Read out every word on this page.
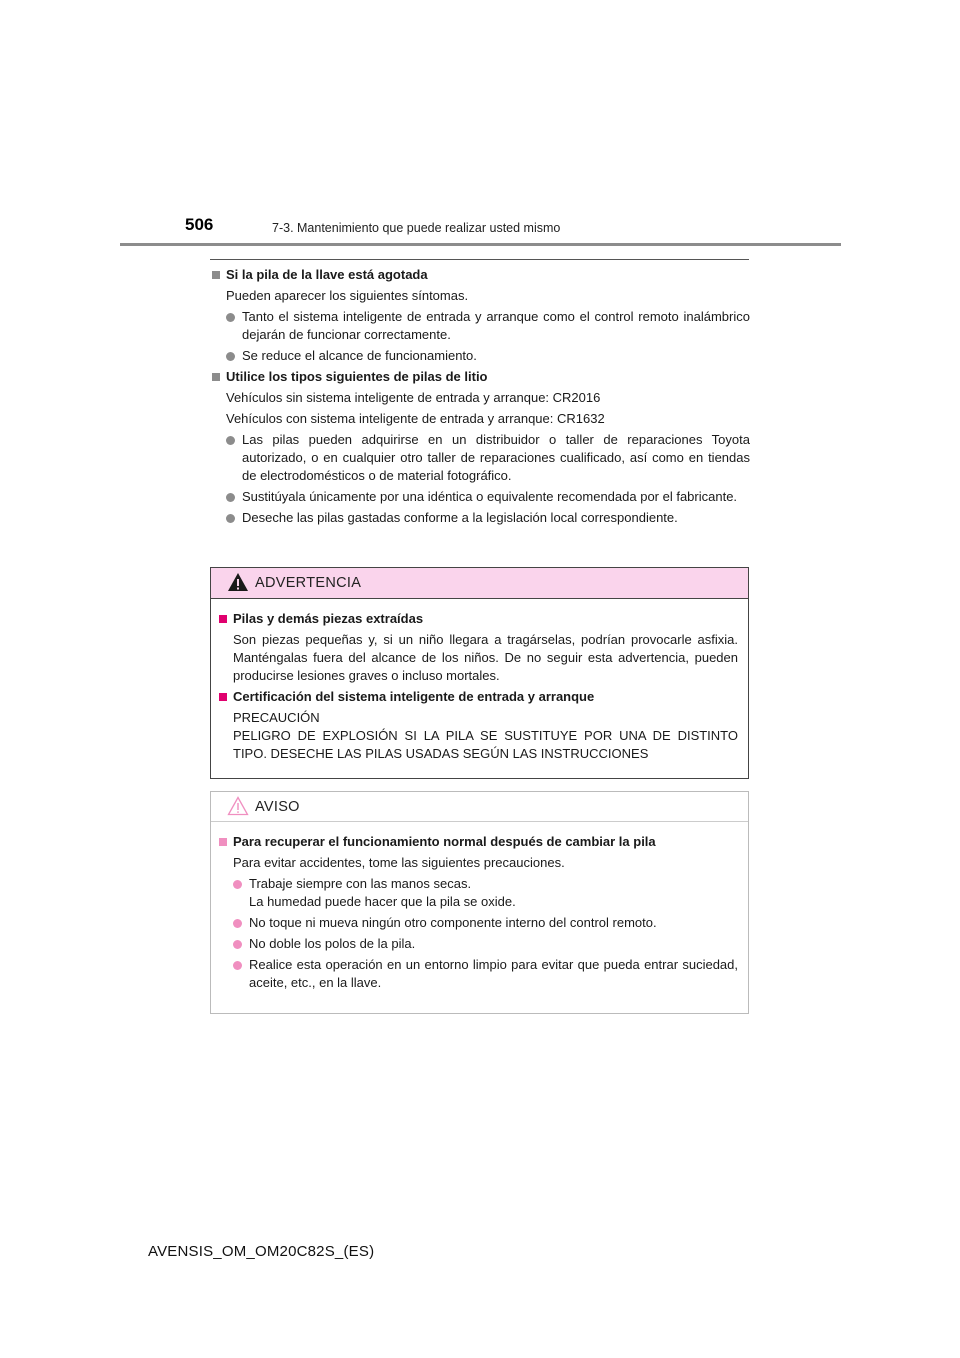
506	7-3. Mantenimiento que puede realizar usted mismo
Si la pila de la llave está agotada
Pueden aparecer los siguientes síntomas.
Tanto el sistema inteligente de entrada y arranque como el control remoto inalámbrico dejarán de funcionar correctamente.
Se reduce el alcance de funcionamiento.
Utilice los tipos siguientes de pilas de litio
Vehículos sin sistema inteligente de entrada y arranque: CR2016
Vehículos con sistema inteligente de entrada y arranque: CR1632
Las pilas pueden adquirirse en un distribuidor o taller de reparaciones Toyota autorizado, o en cualquier otro taller de reparaciones cualificado, así como en tiendas de electrodomésticos o de material fotográfico.
Sustitúyala únicamente por una idéntica o equivalente recomendada por el fabricante.
Deseche las pilas gastadas conforme a la legislación local correspondiente.
ADVERTENCIA
Pilas y demás piezas extraídas
Son piezas pequeñas y, si un niño llegara a tragárselas, podrían provocarle asfixia. Manténgalas fuera del alcance de los niños. De no seguir esta advertencia, pueden producirse lesiones graves o incluso mortales.
Certificación del sistema inteligente de entrada y arranque
PRECAUCIÓN
PELIGRO DE EXPLOSIÓN SI LA PILA SE SUSTITUYE POR UNA DE DISTINTO TIPO. DESECHE LAS PILAS USADAS SEGÚN LAS INSTRUCCIONES
AVISO
Para recuperar el funcionamiento normal después de cambiar la pila
Para evitar accidentes, tome las siguientes precauciones.
Trabaje siempre con las manos secas.
La humedad puede hacer que la pila se oxide.
No toque ni mueva ningún otro componente interno del control remoto.
No doble los polos de la pila.
Realice esta operación en un entorno limpio para evitar que pueda entrar suciedad, aceite, etc., en la llave.
AVENSIS_OM_OM20C82S_(ES)
